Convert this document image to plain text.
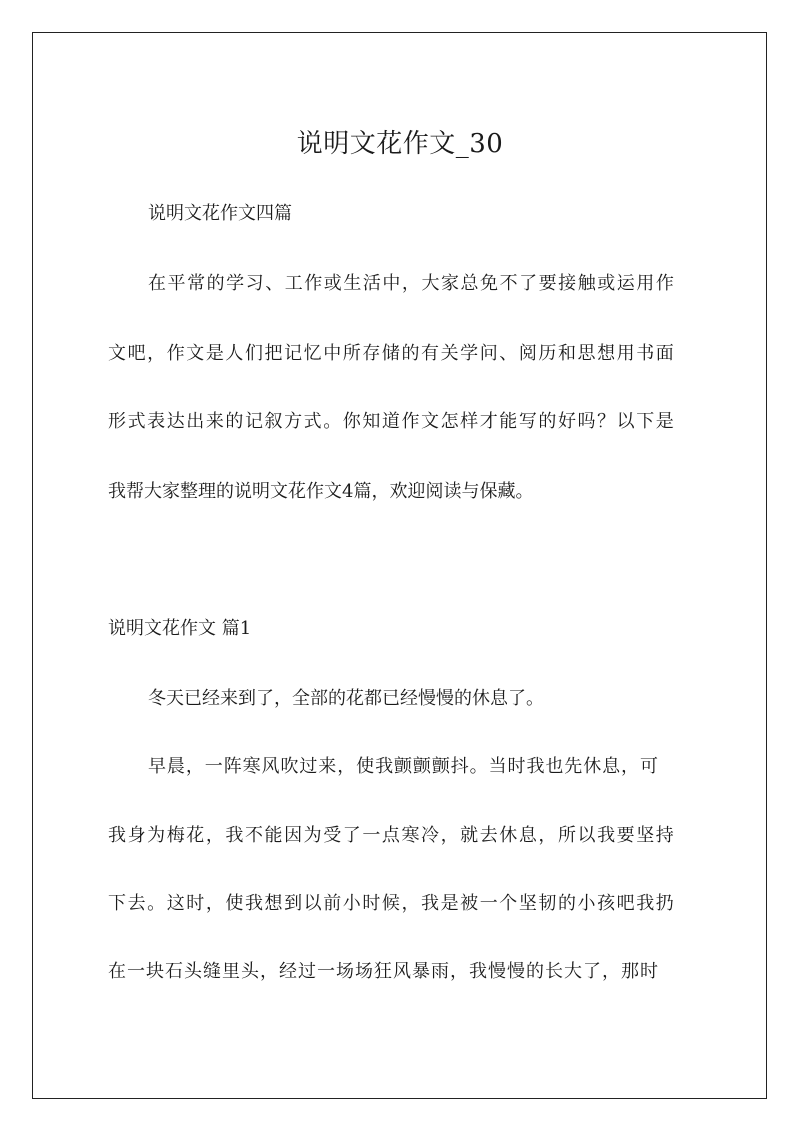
说明文花作文_30
说明文花作文四篇
在 平 常 的 学 习 、 工 作 或 生 活 中 ， 大 家 总 免 不 了 要 接 触 或 运 用 作
文 吧 ， 作 文 是 人 们 把 记 忆 中 所 存 储 的 有 关 学 问 、 阅 历 和 思 想 用 书 面
形 式 表 达 出 来 的 记 叙 方 式 。 你 知 道 作 文 怎 样 才 能 写 的 好 吗 ？ 以 下 是
我帮大家整理的说明文花作文4篇，欢迎阅读与保藏。
说明文花作文 篇1
冬天已经来到了，全部的花都已经慢慢的休息了。
早 晨 ， 一 阵 寒 风 吹 过 来 ， 使 我 颤 颤 颤 抖 。 当 时 我 也 先 休 息 ， 可
我 身 为 梅 花 ， 我 不 能 因 为 受 了 一 点 寒 冷 ， 就 去 休 息 ， 所 以 我 要 坚 持
下 去 。 这 时 ， 使 我 想 到 以 前 小 时 候 ， 我 是 被 一 个 坚 韧 的 小 孩 吧 我 扔
在 一 块 石 头 缝 里 头 ， 经 过 一 场 场 狂 风 暴 雨 ， 我 慢 慢 的 长 大 了 ， 那 时
